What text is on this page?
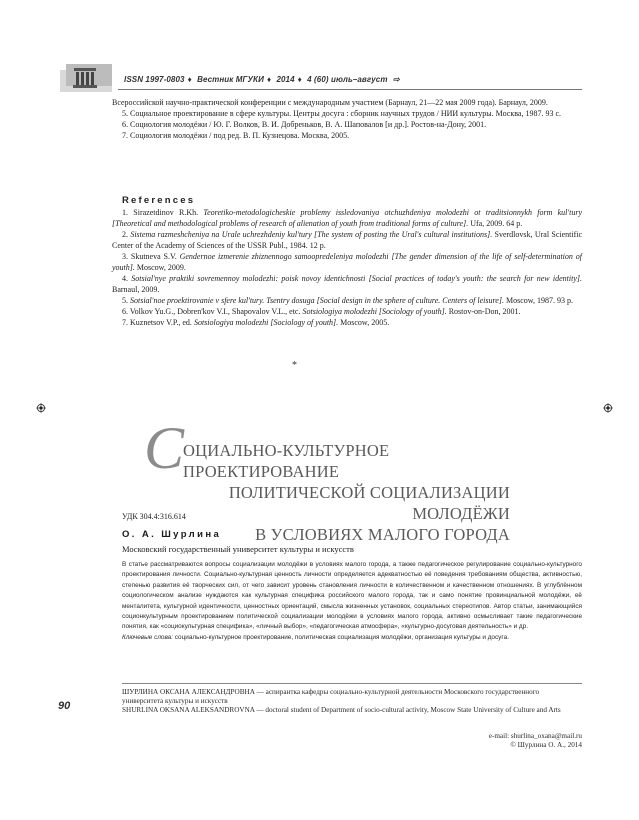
ISSN 1997-0803 ♦ Вестник МГУКИ ♦ 2014 ♦ 4 (60) июль–август ⇨
Всероссийской научно-практической конференции с международным участием (Барнаул, 21—22 мая 2009 года). Барнаул, 2009.
5. Социальное проектирование в сфере культуры. Центры досуга : сборник научных трудов / НИИ культуры. Москва, 1987. 93 с.
6. Социология молодёжи / Ю. Г. Волков, В. И. Добреньков, В. А. Шаповалов [и др.]. Ростов-на-Дону, 2001.
7. Социология молодёжи / под ред. В. П. Кузнецова. Москва, 2005.
References
1. Sirazetdinov R.Kh. Teoretiko-metodologicheskie problemy issledovaniya otchuzhdeniya molodezhi ot traditsionnykh form kul'tury [Theoretical and methodological problems of research of alienation of youth from traditional forms of culture]. Ufa, 2009. 64 p.
2. Sistema razmeshcheniya na Urale uchrezhdeniy kul'tury [The system of posting the Ural's cultural institutions]. Sverdlovsk, Ural Scientific Center of the Academy of Sciences of the USSR Publ., 1984. 12 p.
3. Skutneva S.V. Gendernoe izmerenie zhiznennogo samoopredeleniya molodezhi [The gender dimension of the life of self-determination of youth]. Moscow, 2009.
4. Sotsial'nye praktiki sovremennoy molodezhi: poisk novoy identichnosti [Social practices of today's youth: the search for new identity]. Barnaul, 2009.
5. Sotsial'noe proektirovanie v sfere kul'tury. Tsentry dosuga [Social design in the sphere of culture. Centers of leisure]. Moscow, 1987. 93 p.
6. Volkov Yu.G., Dobren'kov V.I., Shapovalov V.L., etc. Sotsiologiya molodezhi [Sociology of youth]. Rostov-on-Don, 2001.
7. Kuznetsov V.P., ed. Sotsiologiya molodezhi [Sociology of youth]. Moscow, 2005.
*
С
ОЦИАЛЬНО-КУЛЬТУРНОЕ ПРОЕКТИРОВАНИЕ
ПОЛИТИЧЕСКОЙ СОЦИАЛИЗАЦИИ МОЛОДЁЖИ
В УСЛОВИЯХ МАЛОГО ГОРОДА
УДК 304.4:316.614
О. А. Шурлина
Московский государственный университет культуры и искусств
В статье рассматриваются вопросы социализации молодёжи в условиях малого города, а также педагогическое регулирование социально-культурного проектирования личности. Социально-культурная ценность личности определяется адекватностью её поведения требованиям общества, активностью, степенью развития её творческих сил, от чего зависит уровень становления личности в количественном и качественном отношениях. В углублённом социологическом анализе нуждаются как культурная специфика российского малого города, так и само понятие провинциальной молодёжи, её менталитета, культурной идентичности, ценностных ориентаций, смысла жизненных установок, социальных стереотипов. Автор статьи, занимающийся соционкультурным проектированием политической социализации молодёжи в условиях малого города, активно осмысливает такие педагогические понятия, как «социокультурная специфика», «личный выбор», «педагогическая атмосфера», «культурно-досуговая деятельность» и др.
Ключевые слова: социально-культурное проектирование, политическая социализация молодёжи, организация культуры и досуга.
90
ШУРЛИНА ОКСАНА АЛЕКСАНДРОВНА — аспирантка кафедры социально-культурной деятельности Московского государственного университета культуры и искусств
SHURLINA OKSANA ALEKSANDROVNA — doctoral student of Department of socio-cultural activity, Moscow State University of Culture and Arts
e-mail: shurlina_oxana@mail.ru
© Шурлина О. А., 2014
